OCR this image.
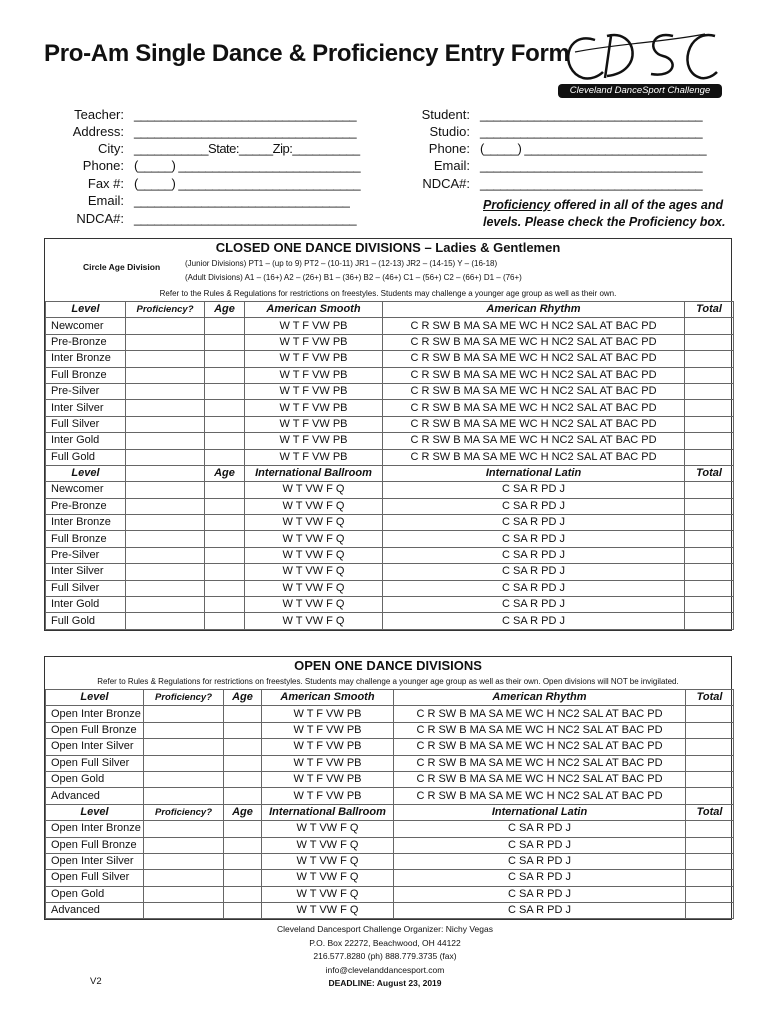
Pro-Am Single Dance & Proficiency Entry Form
Cleveland DanceSport Challenge
Teacher: _________________________________
Address: _________________________________
City: ___________State:_____Zip:__________
Phone: (_____) ___________________________
Fax #: (_____) ___________________________
Email: ________________________________
NDCA#: _________________________________
Student: _________________________________
Studio: _________________________________
Phone: (_____) ___________________________
Email: _________________________________
NDCA#: _________________________________
Proficiency offered in all of the ages and levels. Please check the Proficiency box.
CLOSED ONE DANCE DIVISIONS – Ladies & Gentlemen
Circle Age Division	(Junior Divisions) PT1 – (up to 9) PT2 – (10-11) JR1 – (12-13) JR2 – (14-15) Y – (16-18)
(Adult Divisions) A1 – (16+) A2 – (26+) B1 – (36+) B2 – (46+) C1 – (56+) C2 – (66+) D1 – (76+)
Refer to the Rules & Regulations for restrictions on freestyles. Students may challenge a younger age group as well as their own.
Level	Proficiency?	Age	American Smooth	American Rhythm	Total
Newcomer			W T F VW PB	C R SW B MA SA ME WC H NC2 SAL AT BAC PD	
Pre-Bronze			W T F VW PB	C R SW B MA SA ME WC H NC2 SAL AT BAC PD	
Inter Bronze			W T F VW PB	C R SW B MA SA ME WC H NC2 SAL AT BAC PD	
Full Bronze			W T F VW PB	C R SW B MA SA ME WC H NC2 SAL AT BAC PD	
Pre-Silver			W T F VW PB	C R SW B MA SA ME WC H NC2 SAL AT BAC PD	
Inter Silver			W T F VW PB	C R SW B MA SA ME WC H NC2 SAL AT BAC PD	
Full Silver			W T F VW PB	C R SW B MA SA ME WC H NC2 SAL AT BAC PD	
Inter Gold			W T F VW PB	C R SW B MA SA ME WC H NC2 SAL AT BAC PD	
Full Gold			W T F VW PB	C R SW B MA SA ME WC H NC2 SAL AT BAC PD	
Level		Age	International Ballroom	International Latin	Total
Newcomer			W T VW F Q	C SA R PD J	
Pre-Bronze			W T VW F Q	C SA R PD J	
Inter Bronze			W T VW F Q	C SA R PD J	
Full Bronze			W T VW F Q	C SA R PD J	
Pre-Silver			W T VW F Q	C SA R PD J	
Inter Silver			W T VW F Q	C SA R PD J	
Full Silver			W T VW F Q	C SA R PD J	
Inter Gold			W T VW F Q	C SA R PD J	
Full Gold			W T VW F Q	C SA R PD J	
OPEN ONE DANCE DIVISIONS
Refer to Rules & Regulations for restrictions on freestyles. Students may challenge a younger age group as well as their own. Open divisions will NOT be invigilated.
Level	Proficiency?	Age	American Smooth	American Rhythm	Total
Open Inter Bronze			W T F VW PB	C R SW B MA SA ME WC H NC2 SAL AT BAC PD	
Open Full Bronze			W T F VW PB	C R SW B MA SA ME WC H NC2 SAL AT BAC PD	
Open Inter Silver			W T F VW PB	C R SW B MA SA ME WC H NC2 SAL AT BAC PD	
Open Full Silver			W T F VW PB	C R SW B MA SA ME WC H NC2 SAL AT BAC PD	
Open Gold			W T F VW PB	C R SW B MA SA ME WC H NC2 SAL AT BAC PD	
Advanced			W T F VW PB	C R SW B MA SA ME WC H NC2 SAL AT BAC PD	
Level	Proficiency?	Age	International Ballroom	International Latin	Total
Open Inter Bronze			W T VW F Q	C SA R PD J	
Open Full Bronze			W T VW F Q	C SA R PD J	
Open Inter Silver			W T VW F Q	C SA R PD J	
Open Full Silver			W T VW F Q	C SA R PD J	
Open Gold			W T VW F Q	C SA R PD J	
Advanced			W T VW F Q	C SA R PD J	
Cleveland Dancesport Challenge Organizer: Nichy Vegas
P.O. Box 22272, Beachwood, OH 44122
216.577.8280 (ph) 888.779.3735 (fax)
info@clevelanddancesport.com
DEADLINE: August 23, 2019
V2
